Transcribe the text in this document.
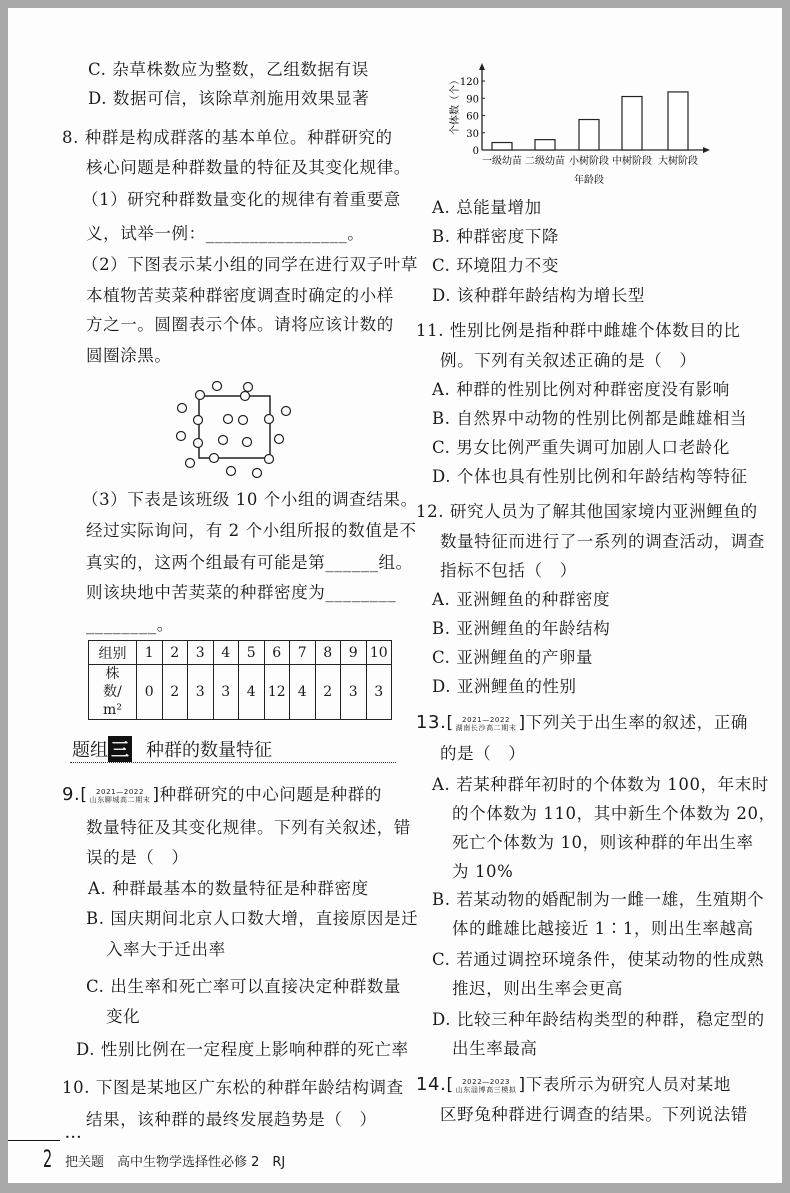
C. 杂草株数应为整数，乙组数据有误
D. 数据可信，该除草剂施用效果显著
8. 种群是构成群落的基本单位。种群研究的
核心问题是种群数量的特征及其变化规律。
（1）研究种群数量变化的规律有着重要意
义，试举一例：________________。
（2）下图表示某小组的同学在进行双子叶草
本植物苦荬菜种群密度调查时确定的小样
方之一。圆圈表示个体。请将应该计数的
圆圈涂黑。
（3）下表是该班级 10 个小组的调查结果。
经过实际询问，有 2 个小组所报的数值是不
真实的，这两个组最有可能是第______组。
则该块地中苦荬菜的种群密度为________
________。
9.[ 2021—2022
山东聊城高二期末 ]种群研究的中心问题是种群的
数量特征及其变化规律。下列有关叙述，错
误的是（　）
A. 种群最基本的数量特征是种群密度
B. 国庆期间北京人口数大增，直接原因是迁
入率大于迁出率
C. 出生率和死亡率可以直接决定种群数量
变化
D. 性别比例在一定程度上影响种群的死亡率
10. 下图是某地区广东松的种群年龄结构调查
结果，该种群的最终发展趋势是（　）
A. 总能量增加
B. 种群密度下降
C. 环境阻力不变
D. 该种群年龄结构为增长型
11. 性别比例是指种群中雌雄个体数目的比
例。下列有关叙述正确的是（　）
A. 种群的性别比例对种群密度没有影响
B. 自然界中动物的性别比例都是雌雄相当
C. 男女比例严重失调可加剧人口老龄化
D. 个体也具有性别比例和年龄结构等特征
12. 研究人员为了解其他国家境内亚洲鲤鱼的
数量特征而进行了一系列的调查活动，调查
指标不包括（　）
A. 亚洲鲤鱼的种群密度
B. 亚洲鲤鱼的年龄结构
C. 亚洲鲤鱼的产卵量
D. 亚洲鲤鱼的性别
13.[ 2021—2022
湖南长沙高二期末 ]下列关于出生率的叙述，正确
的是（　）
A. 若某种群年初时的个体数为 100，年末时
的个体数为 110，其中新生个体数为 20，
死亡个体数为 10，则该种群的年出生率
为 10%
B. 若某动物的婚配制为一雌一雄，生殖期个
体的雌雄比越接近 1∶1，则出生率越高
C. 若通过调控环境条件，使某动物的性成熟
推迟，则出生率会更高
D. 比较三种年龄结构类型的种群，稳定型的
出生率最高
14.[ 2022—2023
山东淄博高三模拟 ]下表所示为研究人员对某地
区野兔种群进行调查的结果。下列说法错
题组 三 种群的数量特征
组别	1	2	3	4	5	6	7	8	9	10
株数/m²	0	2	3	3	4	12	4	2	3	3
0
30
60
90
120
一级幼苗 二级幼苗 小树阶段 中树阶段 大树阶段
年龄段
个体数（个）
•••
2 把关题　高中生物学选择性必修 2　RJ
